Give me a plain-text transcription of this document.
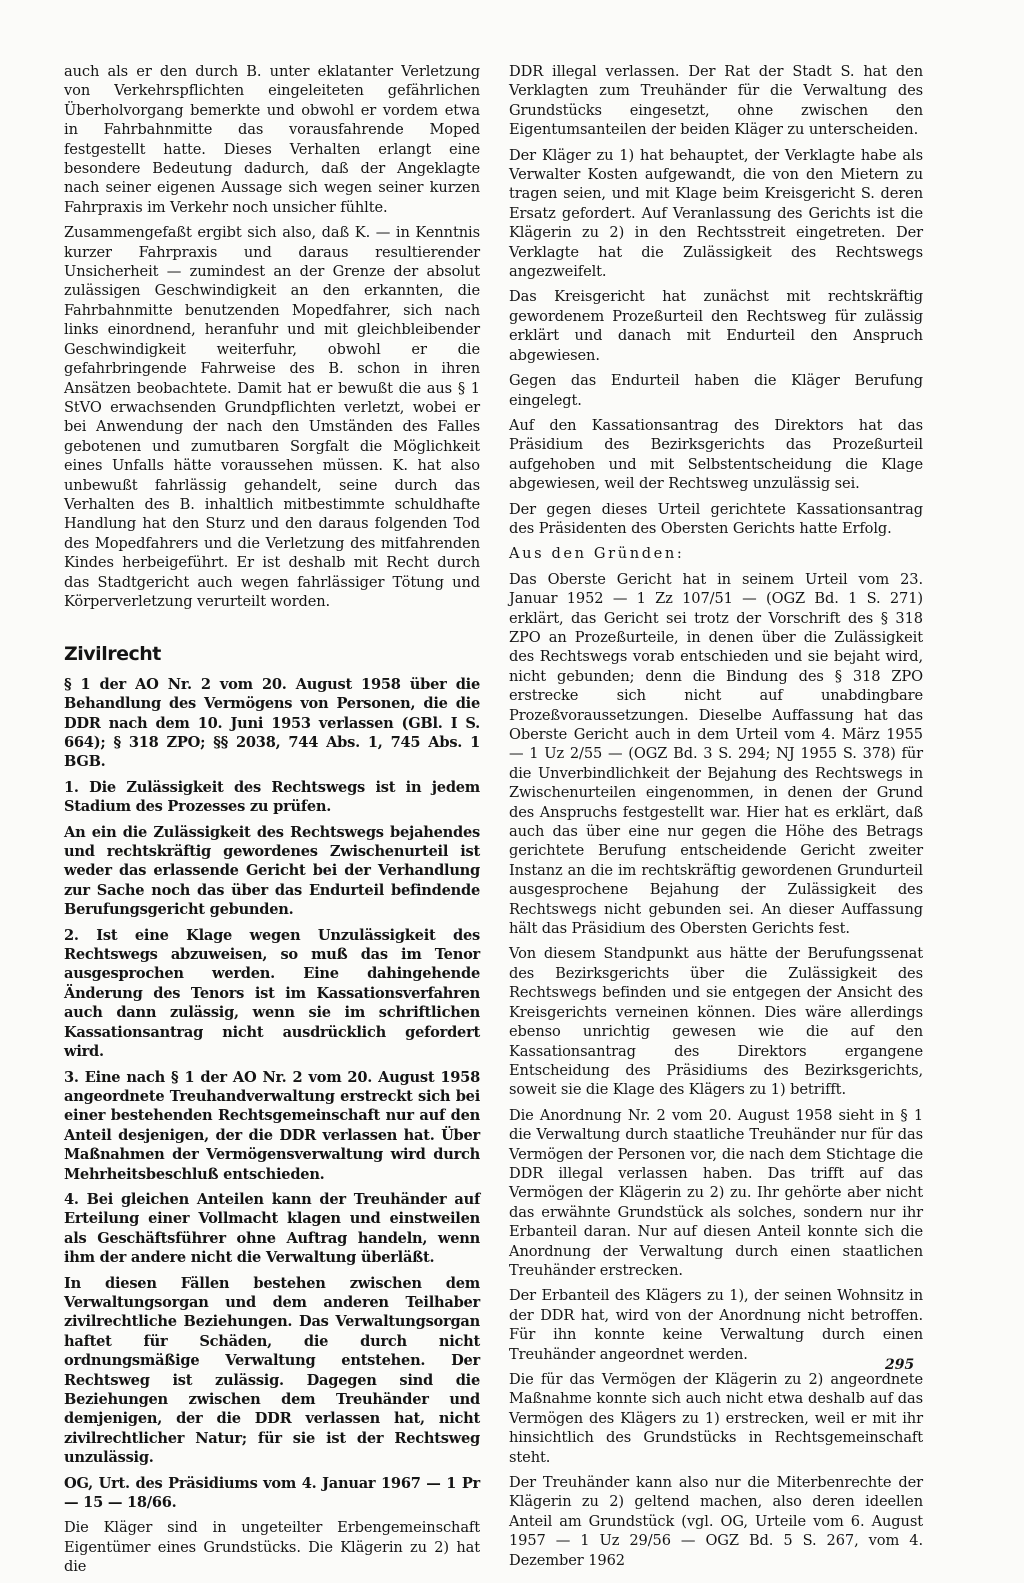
auch als er den durch B. unter eklatanter Verletzung von Verkehrspflichten eingeleiteten gefährlichen Überholvorgang bemerkte und obwohl er vordem etwa in Fahrbahnmitte das vorausfahrende Moped festgestellt hatte. Dieses Verhalten erlangt eine besondere Bedeutung dadurch, daß der Angeklagte nach seiner eigenen Aussage sich wegen seiner kurzen Fahrpraxis im Verkehr noch unsicher fühlte.

Zusammengefaßt ergibt sich also, daß K. — in Kenntnis kurzer Fahrpraxis und daraus resultierender Unsicherheit — zumindest an der Grenze der absolut zulässigen Geschwindigkeit an den erkannten, die Fahrbahnmitte benutzenden Mopedfahrer, sich nach links einordnend, heranfuhr und mit gleichbleibender Geschwindigkeit weiterfuhr, obwohl er die gefahrbringende Fahrweise des B. schon in ihren Ansätzen beobachtete. Damit hat er bewußt die aus § 1 StVO erwachsenden Grundpflichten verletzt, wobei er bei Anwendung der nach den Umständen des Falles gebotenen und zumutbaren Sorgfalt die Möglichkeit eines Unfalls hätte voraussehen müssen. K. hat also unbewußt fahrlässig gehandelt, seine durch das Verhalten des B. inhaltlich mitbestimmte schuldhafte Handlung hat den Sturz und den daraus folgenden Tod des Mopedfahrers und die Verletzung des mitfahrenden Kindes herbeigeführt. Er ist deshalb mit Recht durch das Stadtgericht auch wegen fahrlässiger Tötung und Körperverletzung verurteilt worden.

Zivilrecht

§ 1 der AO Nr. 2 vom 20. August 1958 über die Behandlung des Vermögens von Personen, die die DDR nach dem 10. Juni 1953 verlassen (GBl. I S. 664); § 318 ZPO; §§ 2038, 744 Abs. 1, 745 Abs. 1 BGB.

1. Die Zulässigkeit des Rechtswegs ist in jedem Stadium des Prozesses zu prüfen.

An ein die Zulässigkeit des Rechtswegs bejahendes und rechtskräftig gewordenes Zwischenurteil ist weder das erlassende Gericht bei der Verhandlung zur Sache noch das über das Endurteil befindende Berufungsgericht gebunden.

2. Ist eine Klage wegen Unzulässigkeit des Rechtswegs abzuweisen, so muß das im Tenor ausgesprochen werden. Eine dahingehende Änderung des Tenors ist im Kassationsverfahren auch dann zulässig, wenn sie im schriftlichen Kassationsantrag nicht ausdrücklich gefordert wird.

3. Eine nach § 1 der AO Nr. 2 vom 20. August 1958 angeordnete Treuhandverwaltung erstreckt sich bei einer bestehenden Rechtsgemeinschaft nur auf den Anteil desjenigen, der die DDR verlassen hat. Über Maßnahmen der Vermögensverwaltung wird durch Mehrheitsbeschluß entschieden.

4. Bei gleichen Anteilen kann der Treuhänder auf Erteilung einer Vollmacht klagen und einstweilen als Geschäftsführer ohne Auftrag handeln, wenn ihm der andere nicht die Verwaltung überläßt.

In diesen Fällen bestehen zwischen dem Verwaltungsorgan und dem anderen Teilhaber zivilrechtliche Beziehungen. Das Verwaltungsorgan haftet für Schäden, die durch nicht ordnungsmäßige Verwaltung entstehen. Der Rechtsweg ist zulässig. Dagegen sind die Beziehungen zwischen dem Treuhänder und demjenigen, der die DDR verlassen hat, nicht zivilrechtlicher Natur; für sie ist der Rechtsweg unzulässig.

OG, Urt. des Präsidiums vom 4. Januar 1967 — 1 Pr — 15 — 18/66.

Die Kläger sind in ungeteilter Erbengemeinschaft Eigentümer eines Grundstücks. Die Klägerin zu 2) hat die

DDR illegal verlassen. Der Rat der Stadt S. hat den Verklagten zum Treuhänder für die Verwaltung des Grundstücks eingesetzt, ohne zwischen den Eigentumsanteilen der beiden Kläger zu unterscheiden.

Der Kläger zu 1) hat behauptet, der Verklagte habe als Verwalter Kosten aufgewandt, die von den Mietern zu tragen seien, und mit Klage beim Kreisgericht S. deren Ersatz gefordert. Auf Veranlassung des Gerichts ist die Klägerin zu 2) in den Rechtsstreit eingetreten. Der Verklagte hat die Zulässigkeit des Rechtswegs angezweifelt.

Das Kreisgericht hat zunächst mit rechtskräftig gewordenem Prozeßurteil den Rechtsweg für zulässig erklärt und danach mit Endurteil den Anspruch abgewiesen.

Gegen das Endurteil haben die Kläger Berufung eingelegt.

Auf den Kassationsantrag des Direktors hat das Präsidium des Bezirksgerichts das Prozeßurteil aufgehoben und mit Selbstentscheidung die Klage abgewiesen, weil der Rechtsweg unzulässig sei.

Der gegen dieses Urteil gerichtete Kassationsantrag des Präsidenten des Obersten Gerichts hatte Erfolg.

Aus den Gründen:

Das Oberste Gericht hat in seinem Urteil vom 23. Januar 1952 — 1 Zz 107/51 — (OGZ Bd. 1 S. 271) erklärt, das Gericht sei trotz der Vorschrift des § 318 ZPO an Prozeßurteile, in denen über die Zulässigkeit des Rechtswegs vorab entschieden und sie bejaht wird, nicht gebunden; denn die Bindung des § 318 ZPO erstrecke sich nicht auf unabdingbare Prozeßvoraussetzungen. Dieselbe Auffassung hat das Oberste Gericht auch in dem Urteil vom 4. März 1955 — 1 Uz 2/55 — (OGZ Bd. 3 S. 294; NJ 1955 S. 378) für die Unverbindlichkeit der Bejahung des Rechtswegs in Zwischenurteilen eingenommen, in denen der Grund des Anspruchs festgestellt war. Hier hat es erklärt, daß auch das über eine nur gegen die Höhe des Betrags gerichtete Berufung entscheidende Gericht zweiter Instanz an die im rechtskräftig gewordenen Grundurteil ausgesprochene Bejahung der Zulässigkeit des Rechtswegs nicht gebunden sei. An dieser Auffassung hält das Präsidium des Obersten Gerichts fest.

Von diesem Standpunkt aus hätte der Berufungssenat des Bezirksgerichts über die Zulässigkeit des Rechtswegs befinden und sie entgegen der Ansicht des Kreisgerichts verneinen können. Dies wäre allerdings ebenso unrichtig gewesen wie die auf den Kassationsantrag des Direktors ergangene Entscheidung des Präsidiums des Bezirksgerichts, soweit sie die Klage des Klägers zu 1) betrifft.

Die Anordnung Nr. 2 vom 20. August 1958 sieht in § 1 die Verwaltung durch staatliche Treuhänder nur für das Vermögen der Personen vor, die nach dem Stichtage die DDR illegal verlassen haben. Das trifft auf das Vermögen der Klägerin zu 2) zu. Ihr gehörte aber nicht das erwähnte Grundstück als solches, sondern nur ihr Erbanteil daran. Nur auf diesen Anteil konnte sich die Anordnung der Verwaltung durch einen staatlichen Treuhänder erstrecken.

Der Erbanteil des Klägers zu 1), der seinen Wohnsitz in der DDR hat, wird von der Anordnung nicht betroffen. Für ihn konnte keine Verwaltung durch einen Treuhänder angeordnet werden.

Die für das Vermögen der Klägerin zu 2) angeordnete Maßnahme konnte sich auch nicht etwa deshalb auf das Vermögen des Klägers zu 1) erstrecken, weil er mit ihr hinsichtlich des Grundstücks in Rechtsgemeinschaft steht.

Der Treuhänder kann also nur die Miterbenrechte der Klägerin zu 2) geltend machen, also deren ideellen Anteil am Grundstück (vgl. OG, Urteile vom 6. August 1957 — 1 Uz 29/56 — OGZ Bd. 5 S. 267, vom 4. Dezember 1962

295
